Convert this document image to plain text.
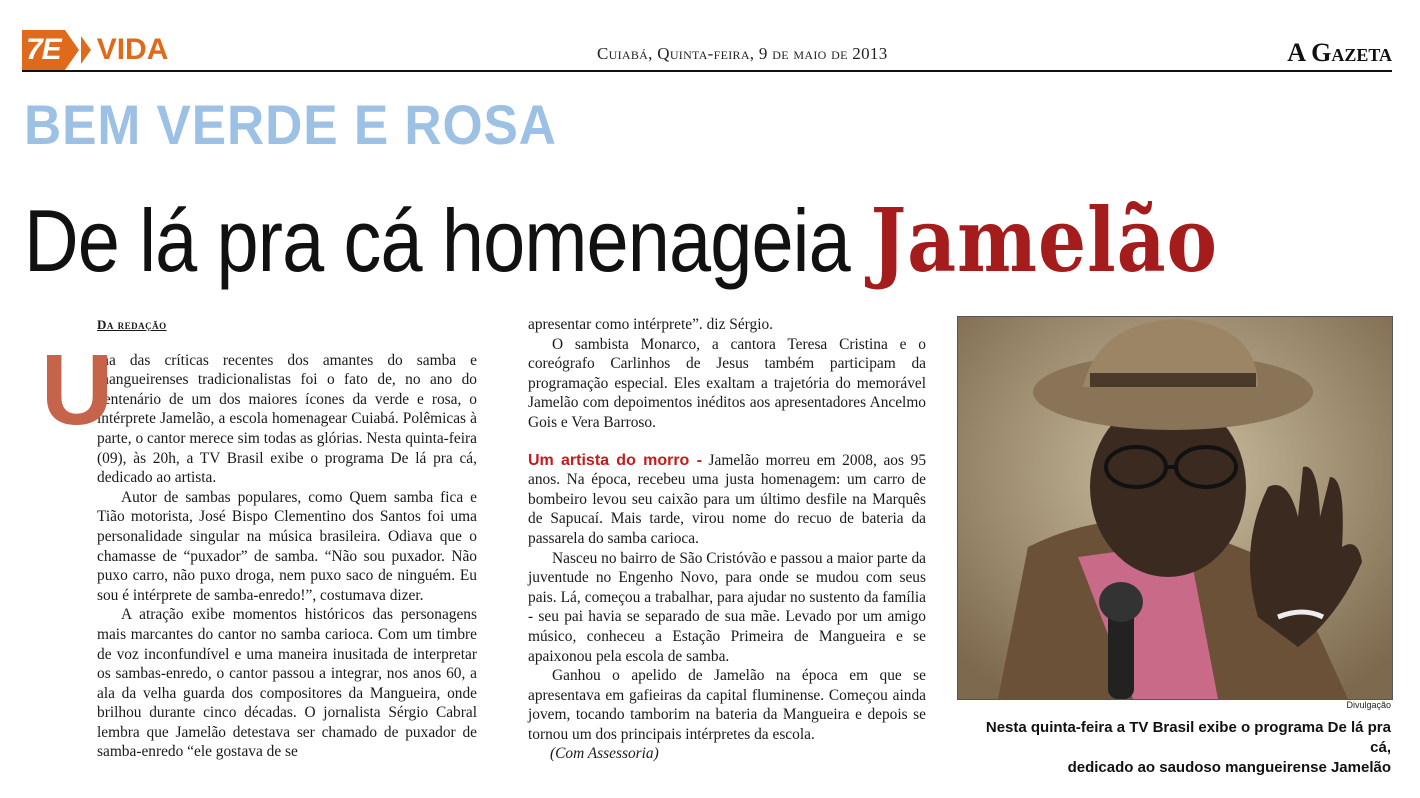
7E VIDA	Cuiabá, Quinta-feira, 9 de maio de 2013	A Gazeta
BEM VERDE E ROSA
De lá pra cá homenageia Jamelão
Da redação

U
ma das críticas recentes dos amantes do samba e mangueirenses tradicionalistas foi o fato de, no ano do centenário de um dos maiores ícones da verde e rosa, o intérprete Jamelão, a escola homenagear Cuiabá. Polêmicas à parte, o cantor merece sim todas as glórias. Nesta quinta-feira (09), às 20h, a TV Brasil exibe o programa De lá pra cá, dedicado ao artista.

Autor de sambas populares, como Quem samba fica e Tião motorista, José Bispo Clementino dos Santos foi uma personalidade singular na música brasileira. Odiava que o chamasse de “puxador” de samba. “Não sou puxador. Não puxo carro, não puxo droga, nem puxo saco de ninguém. Eu sou é intérprete de samba-enredo!”, costumava dizer.

A atração exibe momentos históricos das personagens mais marcantes do cantor no samba carioca. Com um timbre de voz inconfundível e uma maneira inusitada de interpretar os sambas-enredo, o cantor passou a integrar, nos anos 60, a ala da velha guarda dos compositores da Mangueira, onde brilhou durante cinco décadas. O jornalista Sérgio Cabral lembra que Jamelão detestava ser chamado de puxador de samba-enredo “ele gostava de se

apresentar como intérprete”. diz Sérgio.

O sambista Monarco, a cantora Teresa Cristina e o coreógrafo Carlinhos de Jesus também participam da programação especial. Eles exaltam a trajetória do memorável Jamelão com depoimentos inéditos aos apresentadores Ancelmo Gois e Vera Barroso.

Um artista do morro - Jamelão morreu em 2008, aos 95 anos. Na época, recebeu uma justa homenagem: um carro de bombeiro levou seu caixão para um último desfile na Marquês de Sapucaí. Mais tarde, virou nome do recuo de bateria da passarela do samba carioca.

Nasceu no bairro de São Cristóvão e passou a maior parte da juventude no Engenho Novo, para onde se mudou com seus pais. Lá, começou a trabalhar, para ajudar no sustento da família - seu pai havia se separado de sua mãe. Levado por um amigo músico, conheceu a Estação Primeira de Mangueira e se apaixonou pela escola de samba.

Ganhou o apelido de Jamelão na época em que se apresentava em gafieiras da capital fluminense. Começou ainda jovem, tocando tamborim na bateria da Mangueira e depois se tornou um dos principais intérpretes da escola.

(Com Assessoria)

Divulgação
Nesta quinta-feira a TV Brasil exibe o programa De lá pra cá,
dedicado ao saudoso mangueirense Jamelão
